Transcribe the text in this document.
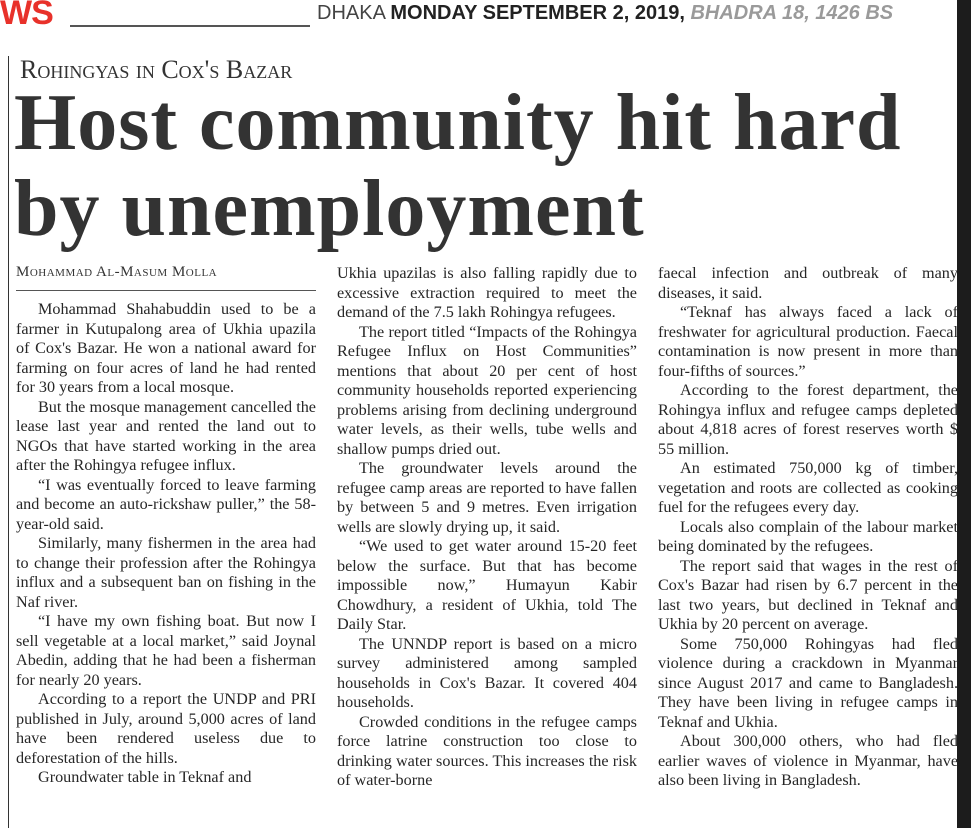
WS	DHAKA MONDAY SEPTEMBER 2, 2019, BHADRA 18, 1426 BS
Rohingyas in Cox's Bazar
Host community hit hard by unemployment
Mohammad Al-Masum Molla

Mohammad Shahabuddin used to be a farmer in Kutupalong area of Ukhia upazila of Cox's Bazar. He won a national award for farming on four acres of land he had rented for 30 years from a local mosque.

But the mosque management cancelled the lease last year and rented the land out to NGOs that have started working in the area after the Rohingya refugee influx.

“I was eventually forced to leave farming and become an auto-rickshaw puller,” the 58-year-old said.

Similarly, many fishermen in the area had to change their profession after the Rohingya influx and a subsequent ban on fishing in the Naf river.

“I have my own fishing boat. But now I sell vegetable at a local market,” said Joynal Abedin, adding that he had been a fisherman for nearly 20 years.

According to a report the UNDP and PRI published in July, around 5,000 acres of land have been rendered useless due to deforestation of the hills.

Groundwater table in Teknaf and

Ukhia upazilas is also falling rapidly due to excessive extraction required to meet the demand of the 7.5 lakh Rohingya refugees.

The report titled “Impacts of the Rohingya Refugee Influx on Host Communities” mentions that about 20 per cent of host community households reported experiencing problems arising from declining underground water levels, as their wells, tube wells and shallow pumps dried out.

The groundwater levels around the refugee camp areas are reported to have fallen by between 5 and 9 metres. Even irrigation wells are slowly drying up, it said.

“We used to get water around 15-20 feet below the surface. But that has become impossible now,” Humayun Kabir Chowdhury, a resident of Ukhia, told The Daily Star.

The UNNDP report is based on a micro survey administered among sampled households in Cox's Bazar. It covered 404 households.

Crowded conditions in the refugee camps force latrine construction too close to drinking water sources. This increases the risk of water-borne

faecal infection and outbreak of many diseases, it said.

“Teknaf has always faced a lack of freshwater for agricultural production. Faecal contamination is now present in more than four-fifths of sources.”

According to the forest department, the Rohingya influx and refugee camps depleted about 4,818 acres of forest reserves worth $ 55 million.

An estimated 750,000 kg of timber, vegetation and roots are collected as cooking fuel for the refugees every day.

Locals also complain of the labour market being dominated by the refugees.

The report said that wages in the rest of Cox's Bazar had risen by 6.7 percent in the last two years, but declined in Teknaf and Ukhia by 20 percent on average.

Some 750,000 Rohingyas had fled violence during a crackdown in Myanmar since August 2017 and came to Bangladesh. They have been living in refugee camps in Teknaf and Ukhia.

About 300,000 others, who had fled earlier waves of violence in Myanmar, have also been living in Bangladesh.
